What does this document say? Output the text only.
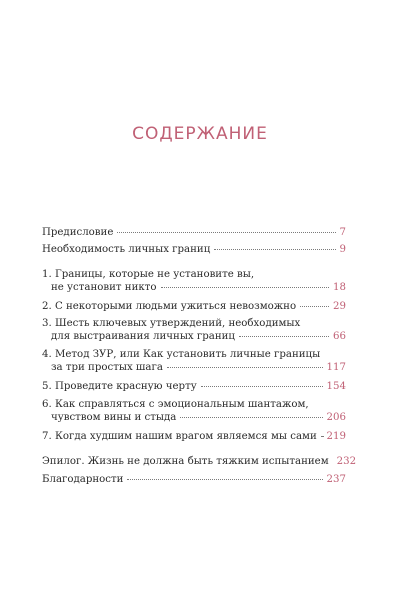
СОДЕРЖАНИЕ
Предисловие	7
Необходимость личных границ	9
1. Границы, которые не установите вы,
не установит никто	18
2. С некоторыми людьми ужиться невозможно	29
3. Шесть ключевых утверждений, необходимых
для выстраивания личных границ	66
4. Метод ЗУР, или Как установить личные границы
за три простых шага	117
5. Проведите красную черту	154
6. Как справляться с эмоциональным шантажом,
чувством вины и стыда	206
7. Когда худшим нашим врагом являемся мы сами 219
Эпилог. Жизнь не должна быть тяжким испытанием 232
Благодарности	237
